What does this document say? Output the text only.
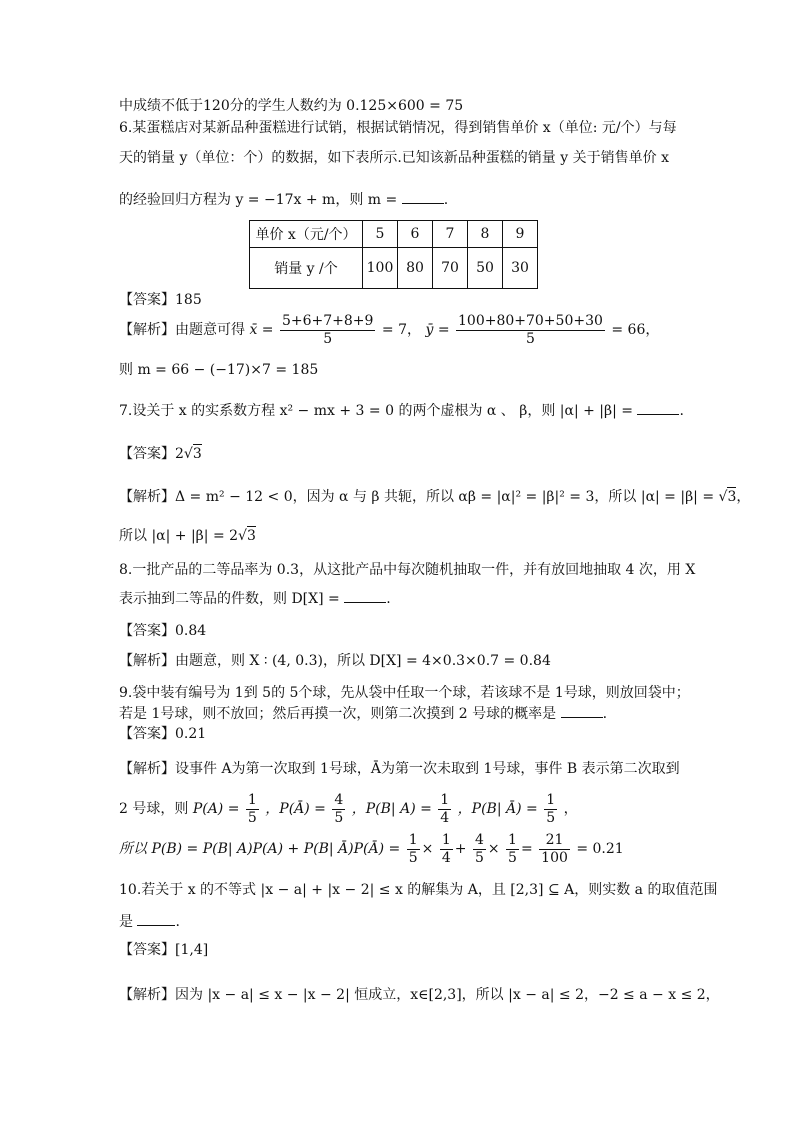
中成绩不低于120分的学生人数约为 0.125×600 = 75
6.某蛋糕店对某新品种蛋糕进行试销，根据试销情况，得到销售单价 x（单位: 元/个）与每
天的销量 y（单位：个）的数据，如下表所示.已知该新品种蛋糕的销量 y 关于销售单价 x
的经验回归方程为 y = −17x + m，则 m =	.
单价 x（元/个）	5	6	7	8	9
销量 y /个	100	80	70	50	30
【答案】185
【解析】由题意可得 x̄ = $\frac{5+6+7+8+9}{5} = 7$， ȳ = $\frac{100+80+70+50+30}{5} = 66$，
则 m = 66 − (−17)×7 = 185
7.设关于 x 的实系数方程 x² − mx + 3 = 0 的两个虚根为 α 、 β，则 |α| + |β| =	.
【答案】2√3
【解析】Δ = m² − 12 < 0，因为 α 与 β 共轭，所以 αβ = |α|² = |β|² = 3，所以 |α| = |β| = √3，
所以 |α| + |β| = 2√3
8.一批产品的二等品率为 0.3，从这批产品中每次随机抽取一件，并有放回地抽取 4 次，用 X
表示抽到二等品的件数，则 D[X] =	.
【答案】0.84
【解析】由题意，则 X ∶ (4, 0.3)，所以 D[X] = 4×0.3×0.7 = 0.84
9.袋中装有编号为 1到 5的 5个球，先从袋中任取一个球，若该球不是 1号球，则放回袋中；
若是 1号球，则不放回；然后再摸一次，则第二次摸到 2 号球的概率是	.
【答案】0.21
【解析】设事件 A为第一次取到 1号球，Ā为第一次未取到 1号球，事件 B 表示第二次取到
2 号球，则 $P(A) = \frac{1}{5}$ ，P(Ā) = $\frac{4}{5}$ ，P(B| $A) = \frac{1}{4}$ ，P(B| Ā) = $\frac{1}{5}$ ，
所以 P(B) = P(B| A)P(A) + P(B| Ā)P(Ā) = $\frac{1}{5} \times \frac{1}{4} + \frac{4}{5} \times \frac{1}{5} = \frac{21}{100} = 0.21$
10.若关于 x 的不等式 |x − a| + |x − 2| ≤ x 的解集为 A，且 [2,3] ⊆ A，则实数 a 的取值范围
是	.
【答案】[1,4]
【解析】因为 |x − a| ≤ x − |x − 2| 恒成立，x∈[2,3]，所以 |x − a| ≤ 2，−2 ≤ a − x ≤ 2，
